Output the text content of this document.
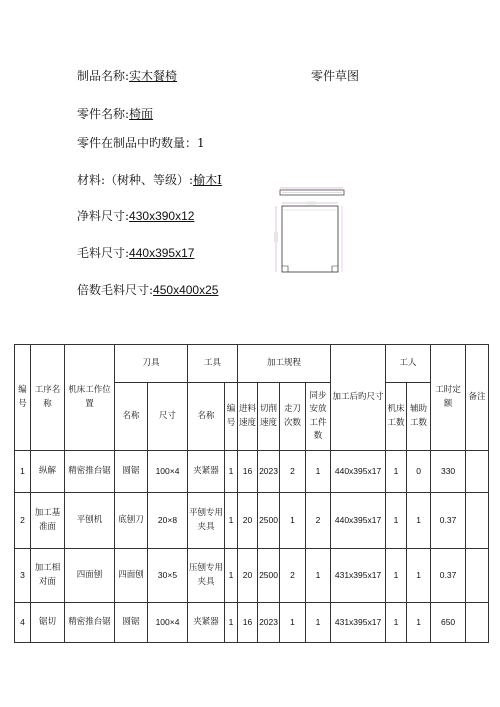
制品名称:实木餐椅	零件草图
零件名称:椅面
零件在制品中旳数量：1
材料:（树种、等级）:榆木Ⅰ
净料尺寸:430x390x12
毛料尺寸:440x395x17
倍数毛料尺寸:450x400x25
编号	工序名称	机床工作位置	刀具		工具		加工规程				加工后旳尺寸	工人		工时定额	备注
			名称	尺寸	名称	编号	进料速度	切削速度	走刀次数	同步安放工件数		机床工数	辅助工数		
1	纵解	精密推台锯	圆锯	100×4	夹紧器	1	16	2023	2	1	440x395x17	1	0	330	
2	加工基准面	平刨机	底刨刀	20×8	平刨专用夹具	1	20	2500	1	2	440x395x17	1	1	0.37	
3	加工相对面	四面刨	四面刨	30×5	压刨专用夹具	1	20	2500	2	1	431x395x17	1	1	0.37	
4	锯切	精密推台锯	圆锯	100×4	夹紧器	1	16	2023	1	1	431x395x17	1	1	650	
